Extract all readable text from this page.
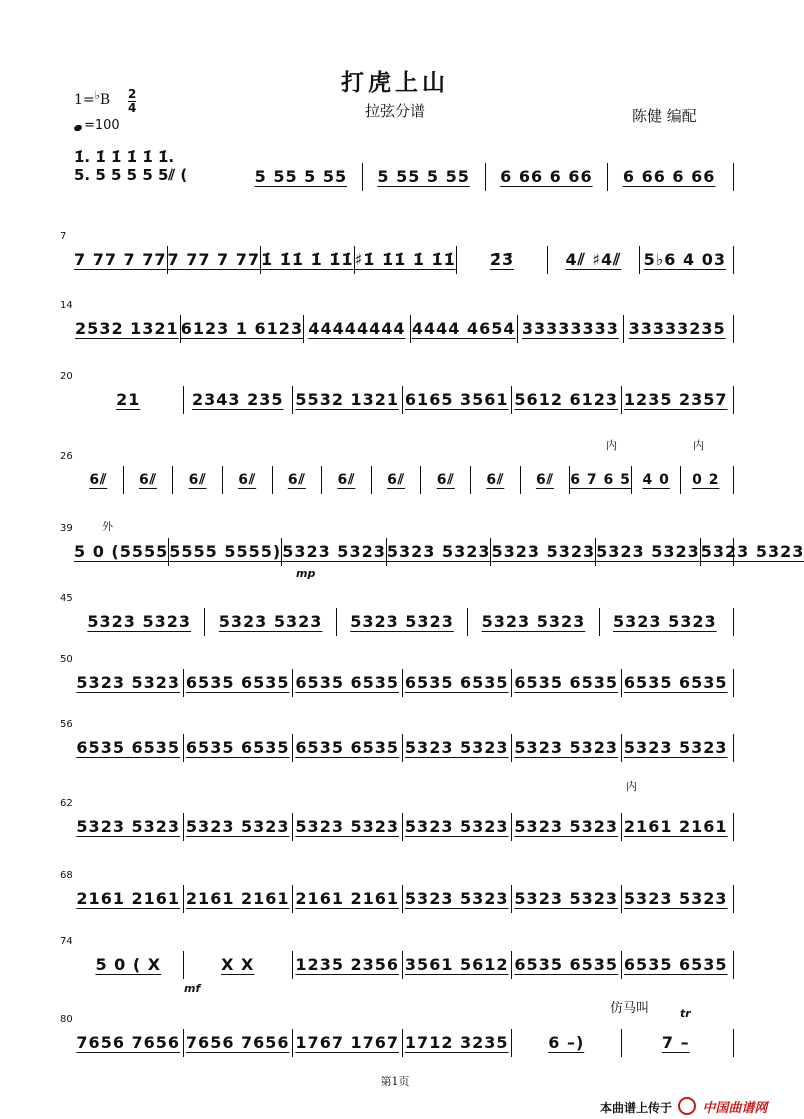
打虎上山
拉弦分谱	陈健 编配
1=♭B 2
4
=100
1̇. 1̇ 1̇ 1̇ 1̇ 1̇.
5. 5 5 5 5 5⫽ (	5 55 5 55	5 55 5 55	6 66 6 66	6 66 6 66
7
7 77 7 77 7 77 7 77 1̇ 1̇1̇ 1̇ 1̇1̇ ♯1̇ 1̇1̇ 1̇ 1̇1̇	2̄3̄	4⫽ ♯4⫽	5♭6 4 03
14
2532 1321 6123 1 6123 44444444 4444 4654 33333333 33333235
20
21	2343 235 5532 1321 6165 3561 5612 6123 1235 2357
26
6⫽	6⫽	6⫽	6⫽	6⫽	6⫽	6⫽	6⫽	6⫽	6⫽	6 7 6 5 4 0	0 2
39
5 0 (5555 5555 5555) 5323 5323 5323 5323 5323 5323 5323 5323 5323 5323
45
5323 5323	5323 5323	5323 5323	5323 5323	5323 5323
50
5323 5323 6535 6535 6535 6535 6535 6535 6535 6535 6535 6535
56
6535 6535 6535 6535 6535 6535 5323 5323 5323 5323 5323 5323
62
5323 5323 5323 5323 5323 5323 5323 5323 5323 5323 2161 2161
68
2161 2161 2161 2161 2161 2161 5323 5323 5323 5323 5323 5323
74
5 0 ( X	X X	1235 2356 3561 5612 6535 6535 6535 6535
80
7656 7656 7656 7656 1767 1767 1712 3235	6 –)	7 –
mp
mf
仿马叫	tr
内	内
外
内
第1页
本曲谱上传于 中国曲谱网
